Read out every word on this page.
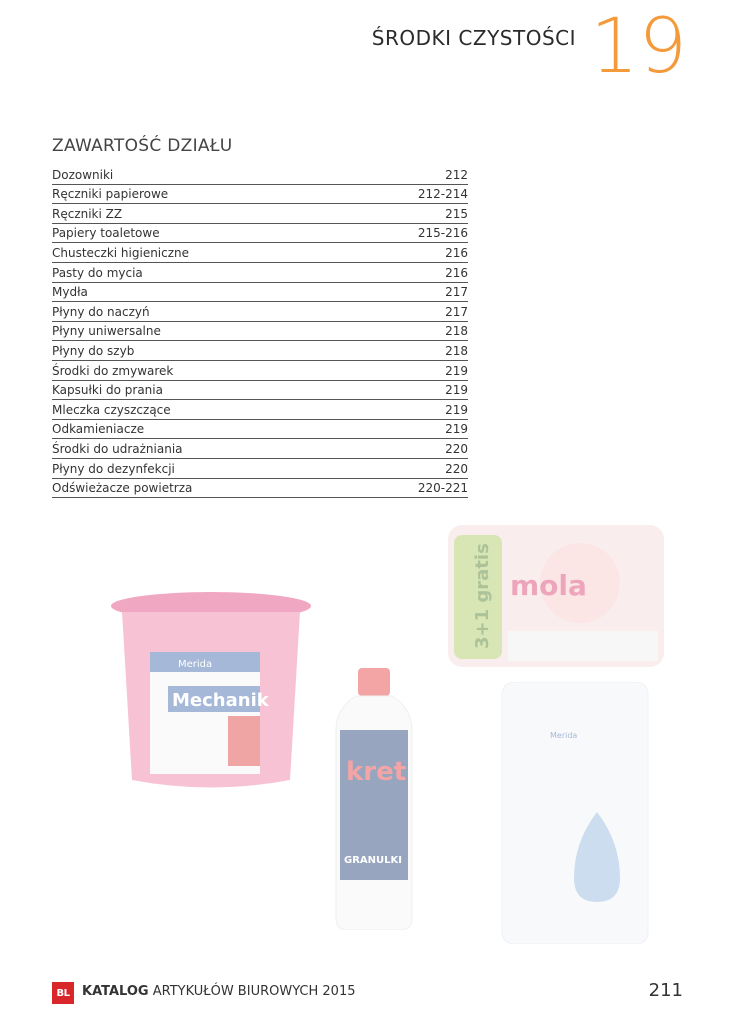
ŚRODKI CZYSTOŚCI 19
ZAWARTOŚĆ DZIAŁU
Dozowniki	212
Ręczniki papierowe	212-214
Ręczniki ZZ	215
Papiery toaletowe	215-216
Chusteczki higieniczne	216
Pasty do mycia	216
Mydła	217
Płyny do naczyń	217
Płyny uniwersalne	218
Płyny do szyb	218
Środki do zmywarek	219
Kapsułki do prania	219
Mleczka czyszczące	219
Odkamieniacze	219
Środki do udrażniania	220
Płyny do dezynfekcji	220
Odświeżacze powietrza	220-221
Merida
Mechanik
kret
GRANULKI
3+1 gratis mola
Merida
BL KATALOG ARTYKUŁÓW BIUROWYCH 2015	211
